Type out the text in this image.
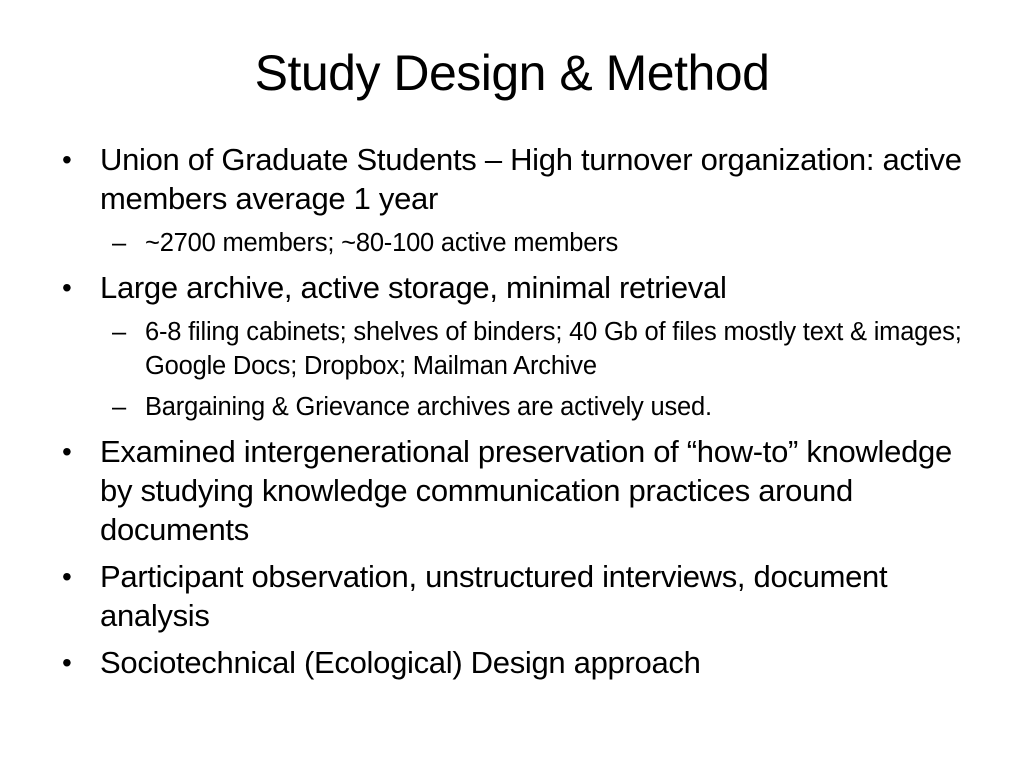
Study Design & Method
• Union of Graduate Students – High turnover organization: active members average 1 year
– ~2700 members; ~80-100 active members
• Large archive, active storage, minimal retrieval
– 6-8 filing cabinets; shelves of binders; 40 Gb of files mostly text & images; Google Docs; Dropbox; Mailman Archive
– Bargaining & Grievance archives are actively used.
• Examined intergenerational preservation of “how-to” knowledge by studying knowledge communication practices around documents
• Participant observation, unstructured interviews, document analysis
• Sociotechnical (Ecological) Design approach
